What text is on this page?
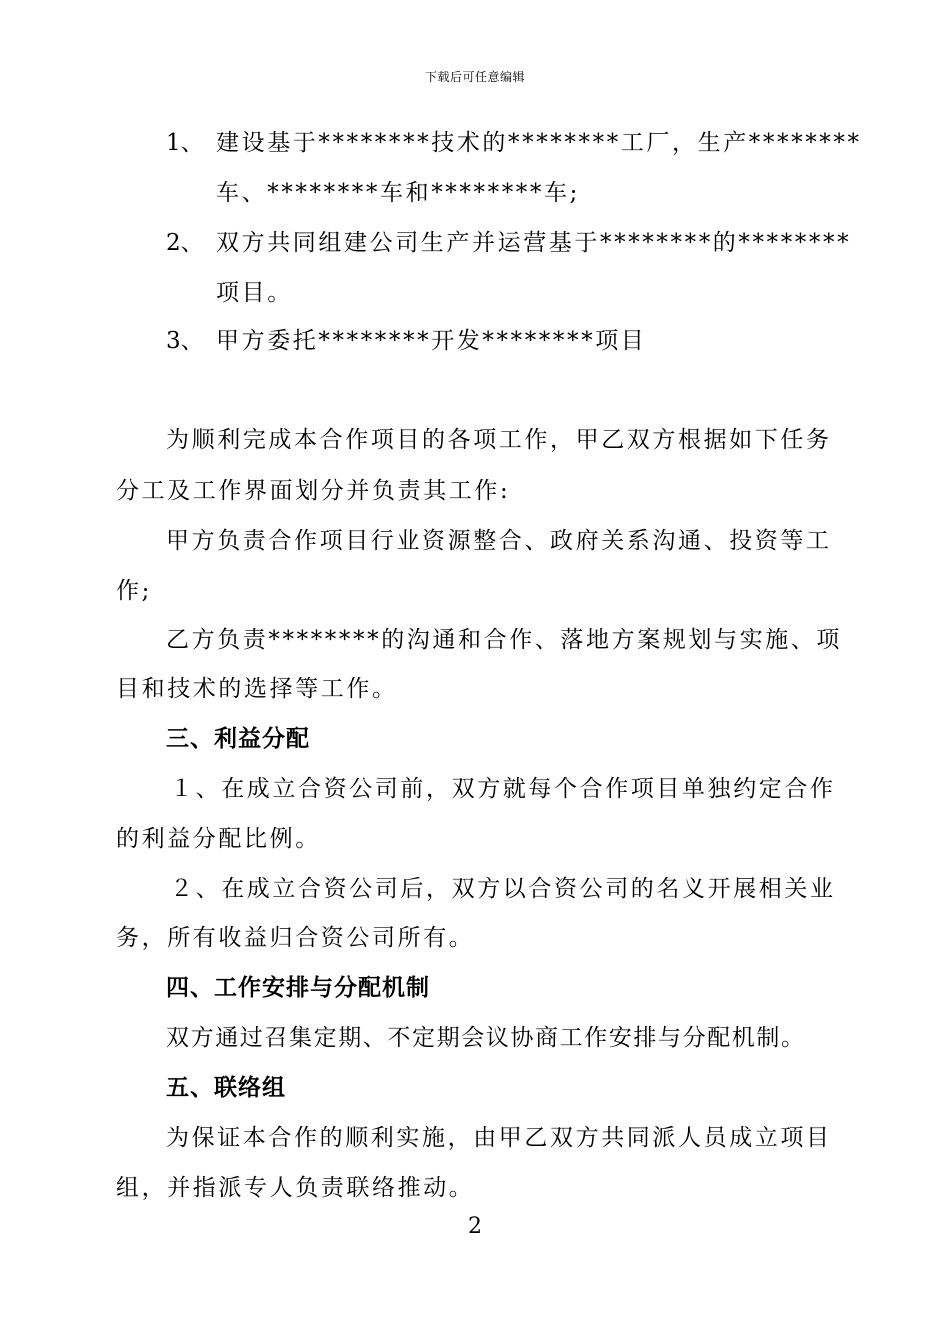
下载后可任意编辑
1、 建设基于********技术的********工厂，生产********
车、********车和********车;
2、 双方共同组建公司生产并运营基于********的********
项目。
3、 甲方委托********开发********项目
为顺利完成本合作项目的各项工作，甲乙双方根据如下任务
分工及工作界面划分并负责其工作:
甲方负责合作项目行业资源整合、政府关系沟通、投资等工
作;
乙方负责********的沟通和合作、落地方案规划与实施、项
目和技术的选择等工作。
三、利益分配
１、在成立合资公司前，双方就每个合作项目单独约定合作
的利益分配比例。
２、在成立合资公司后，双方以合资公司的名义开展相关业
务，所有收益归合资公司所有。
四、工作安排与分配机制
双方通过召集定期、不定期会议协商工作安排与分配机制。
五、联络组
为保证本合作的顺利实施，由甲乙双方共同派人员成立项目
组，并指派专人负责联络推动。
2
